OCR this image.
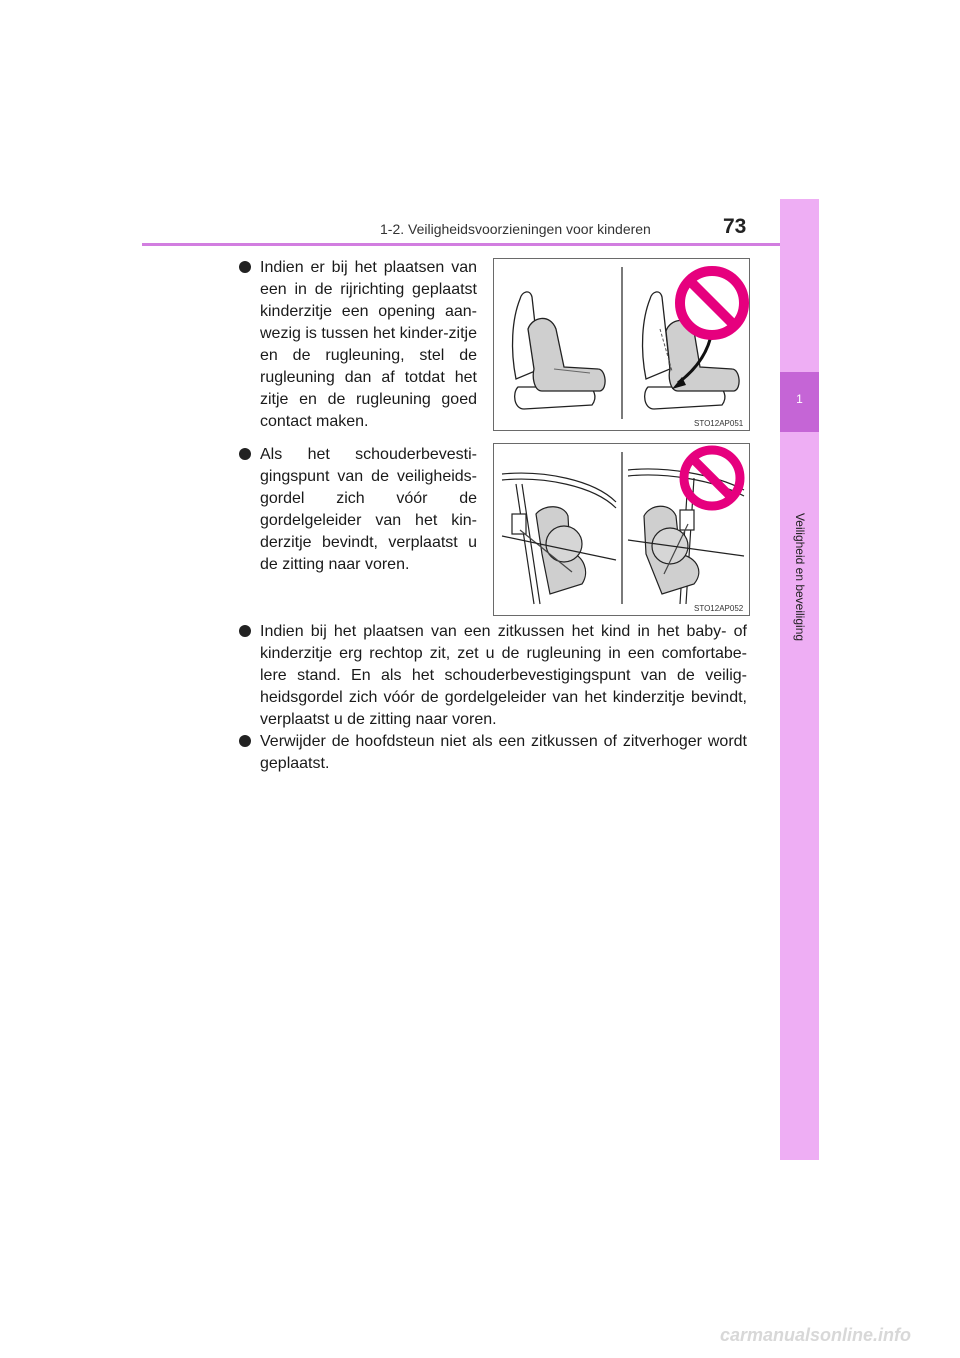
1-2. Veiligheidsvoorzieningen voor kinderen	73
1
Veiligheid en beveiliging
Indien er bij het plaatsen van een in de rijrichting geplaatst kinderzitje een opening aan-wezig is tussen het kinder-zitje en de rugleuning, stel de rugleuning dan af totdat het zitje en de rugleuning goed contact maken.
Als het schouderbevesti-gingspunt van de veiligheids-gordel zich vóór de gordelgeleider van het kin-derzitje bevindt, verplaatst u de zitting naar voren.
Indien bij het plaatsen van een zitkussen het kind in het baby- of kinderzitje erg rechtop zit, zet u de rugleuning in een comfortabe-lere stand. En als het schouderbevestigingspunt van de veilig-heidsgordel zich vóór de gordelgeleider van het kinderzitje bevindt, verplaatst u de zitting naar voren.
Verwijder de hoofdsteun niet als een zitkussen of zitverhoger wordt geplaatst.
STO12AP051
STO12AP052
carmanualsonline.info
